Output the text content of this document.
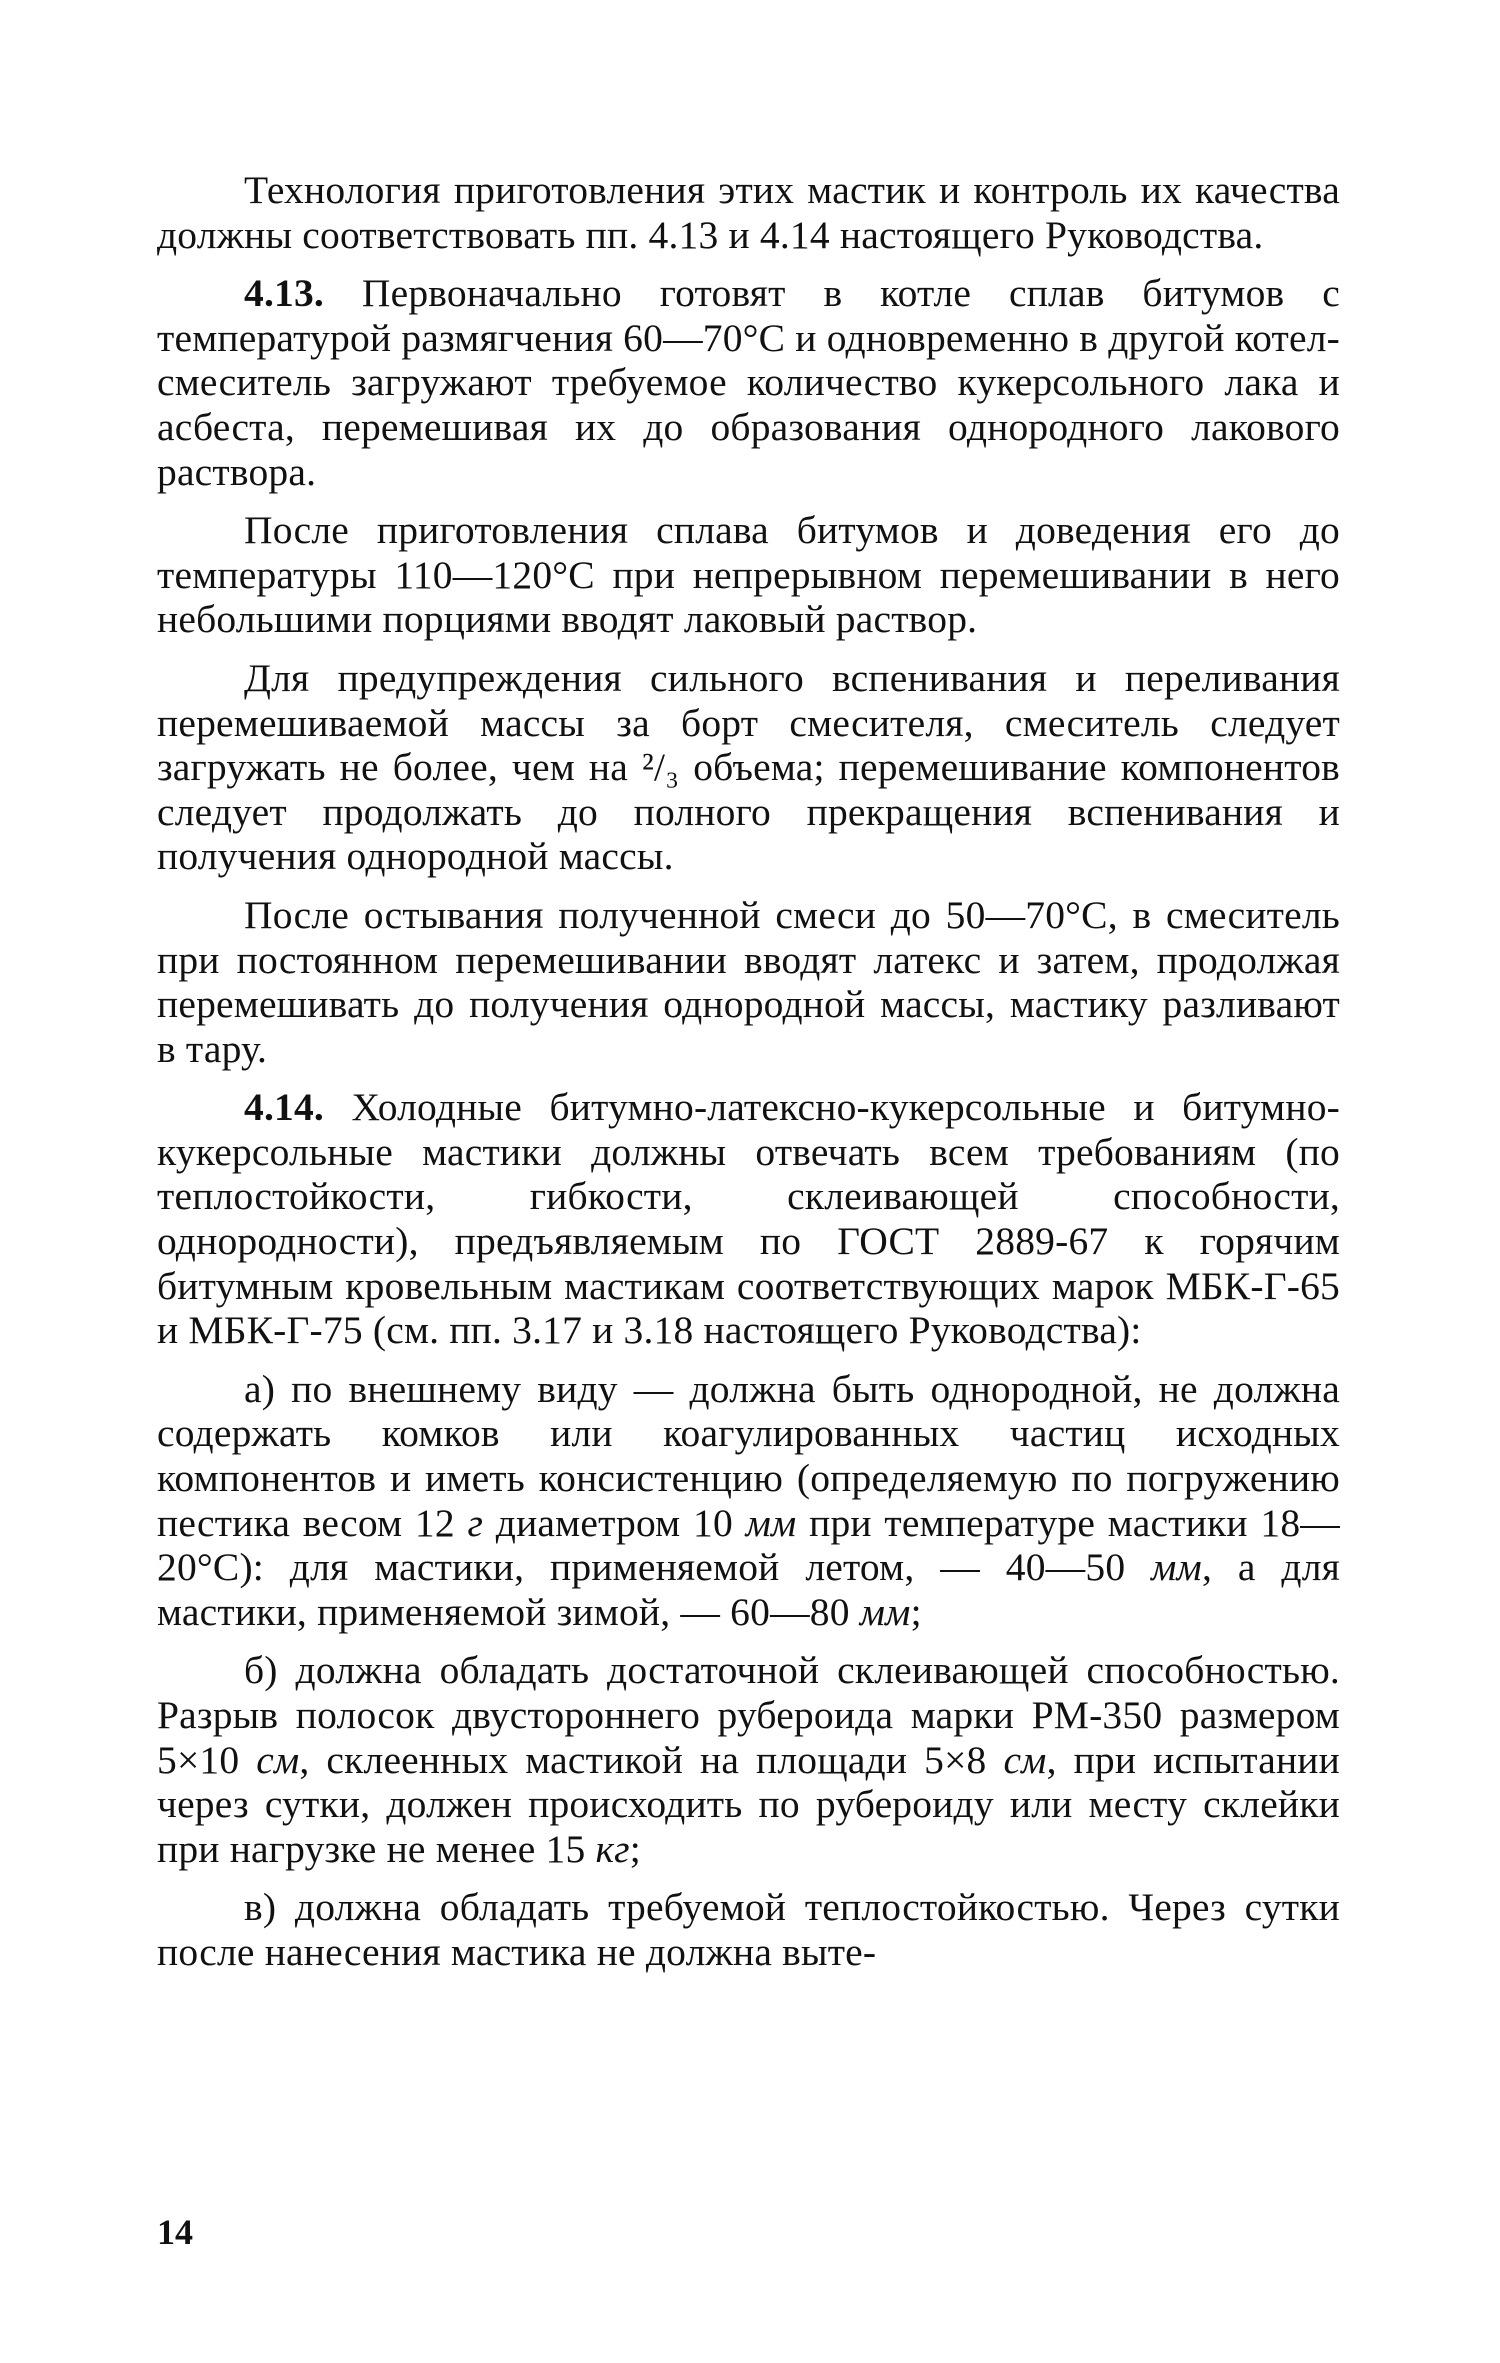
Технология приготовления этих мастик и контроль их качества должны соответствовать пп. 4.13 и 4.14 настоящего Руководства.

4.13. Первоначально готовят в котле сплав битумов с температурой размягчения 60—70°С и одновременно в другой котел-смеситель загружают требуемое количество кукерсольного лака и асбеста, перемешивая их до образования однородного лакового раствора.

После приготовления сплава битумов и доведения его до температуры 110—120°С при непрерывном перемешивании в него небольшими порциями вводят лаковый раствор.

Для предупреждения сильного вспенивания и переливания перемешиваемой массы за борт смесителя, смеситель следует загружать не более, чем на ²/₃ объема; перемешивание компонентов следует продолжать до полного прекращения вспенивания и получения однородной массы.

После остывания полученной смеси до 50—70°С, в смеситель при постоянном перемешивании вводят латекс и затем, продолжая перемешивать до получения однородной массы, мастику разливают в тару.

4.14. Холодные битумно-латексно-кукерсольные и битумно-кукерсольные мастики должны отвечать всем требованиям (по теплостойкости, гибкости, склеивающей способности, однородности), предъявляемым по ГОСТ 2889-67 к горячим битумным кровельным мастикам соответствующих марок МБК-Г-65 и МБК-Г-75 (см. пп. 3.17 и 3.18 настоящего Руководства):

а) по внешнему виду — должна быть однородной, не должна содержать комков или коагулированных частиц исходных компонентов и иметь консистенцию (определяемую по погружению пестика весом 12 г диаметром 10 мм при температуре мастики 18—20°С): для мастики, применяемой летом, — 40—50 мм, а для мастики, применяемой зимой, — 60—80 мм;

б) должна обладать достаточной склеивающей способностью. Разрыв полосок двустороннего рубероида марки РМ-350 размером 5×10 см, склеенных мастикой на площади 5×8 см, при испытании через сутки, должен происходить по рубероиду или месту склейки при нагрузке не менее 15 кг;

в) должна обладать требуемой теплостойкостью. Через сутки после нанесения мастика не должна выте-

14
